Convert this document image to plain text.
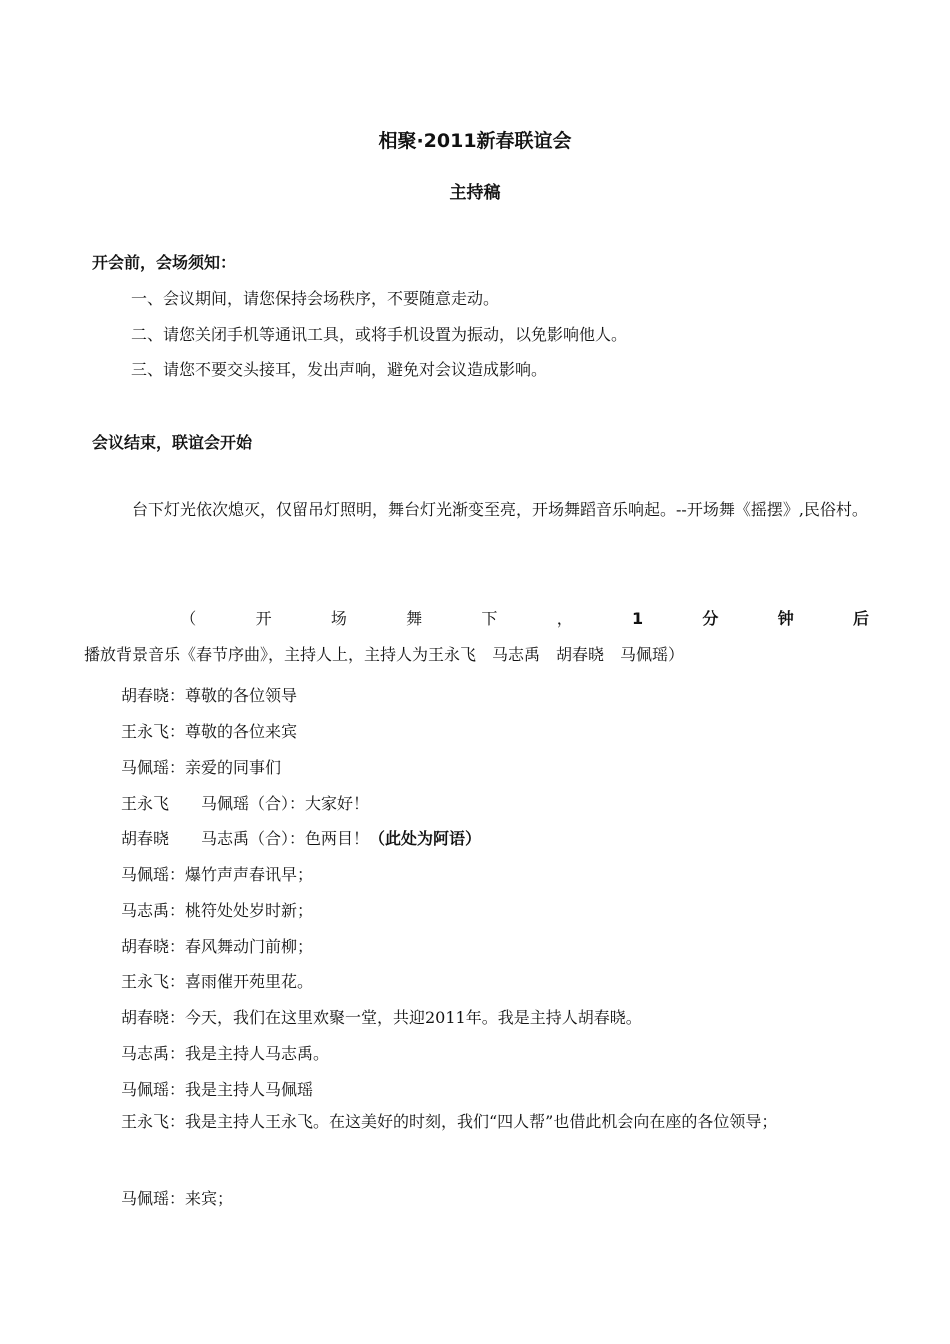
相聚·2011新春联谊会
主持稿
开会前，会场须知：
一、会议期间，请您保持会场秩序，不要随意走动。
二、请您关闭手机等通讯工具，或将手机设置为振动，以免影响他人。
三、请您不要交头接耳，发出声响，避免对会议造成影响。
会议结束，联谊会开始

台下灯光依次熄灭，仅留吊灯照明，舞台灯光渐变至亮，开场舞蹈音乐响起。--开场舞《摇摆》,民俗村。

（开场舞下，1分钟后播放背景音乐《春节序曲》，主持人上，主持人为王永飞　马志禹　胡春晓　马佩瑶）

胡春晓：尊敬的各位领导
王永飞：尊敬的各位来宾
马佩瑶：亲爱的同事们
王永飞　　马佩瑶（合）：大家好！
胡春晓　　马志禹（合）：色两目！（此处为阿语）
马佩瑶：爆竹声声春讯早；
马志禹：桃符处处岁时新；
胡春晓：春风舞动门前柳；
王永飞：喜雨催开苑里花。
胡春晓：今天，我们在这里欢聚一堂，共迎2011年。我是主持人胡春晓。
马志禹：我是主持人马志禹。
马佩瑶：我是主持人马佩瑶

王永飞：我是主持人王永飞。在这美好的时刻，我们“四人帮”也借此机会向在座的各位领导；

马佩瑶：来宾；
